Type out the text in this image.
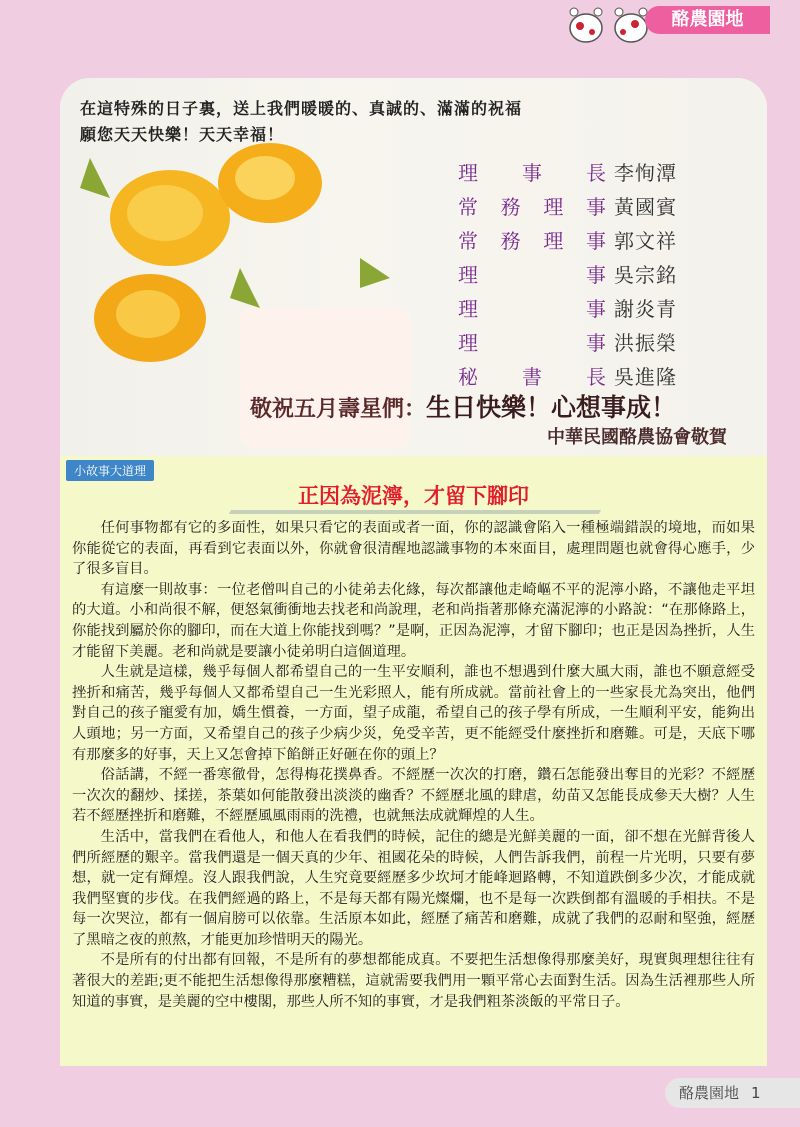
酪農園地
在這特殊的日子裏，送上我們暖暖的、真誠的、滿滿的祝福
願您天天快樂！天天幸福！
理 事 長 李恂潭
常 務 理 事 黃國賓
常 務 理 事 郭文祥
理	事 吳宗銘
理	事 謝炎青
理	事 洪振榮
秘 書 長 吳進隆
敬祝五月壽星們：生日快樂！心想事成！
中華民國酪農協會敬賀
小故事大道理
正因為泥濘，才留下腳印

任何事物都有它的多面性，如果只看它的表面或者一面，你的認識會陷入一種極端錯誤的境地，而如果你能從它的表面，再看到它表面以外，你就會很清醒地認識事物的本來面目，處理問題也就會得心應手，少了很多盲目。

有這麼一則故事：一位老僧叫自己的小徒弟去化緣，每次都讓他走崎嶇不平的泥濘小路，不讓他走平坦的大道。小和尚很不解，便怒氣衝衝地去找老和尚說理，老和尚指著那條充滿泥濘的小路說：“在那條路上，你能找到屬於你的腳印，而在大道上你能找到嗎？”是啊，正因為泥濘，才留下腳印；也正是因為挫折，人生才能留下美麗。老和尚就是要讓小徒弟明白這個道理。

人生就是這樣，幾乎每個人都希望自己的一生平安順利，誰也不想遇到什麼大風大雨，誰也不願意經受挫折和痛苦，幾乎每個人又都希望自己一生光彩照人，能有所成就。當前社會上的一些家長尤為突出，他們對自己的孩子寵愛有加，嬌生慣養，一方面，望子成龍，希望自己的孩子學有所成，一生順利平安，能夠出人頭地；另一方面，又希望自己的孩子少病少災，免受辛苦，更不能經受什麼挫折和磨難。可是，天底下哪有那麼多的好事，天上又怎會掉下餡餅正好砸在你的頭上？

俗話講，不經一番寒徹骨，怎得梅花撲鼻香。不經歷一次次的打磨，鑽石怎能發出奪目的光彩？不經歷一次次的翻炒、揉搓，茶葉如何能散發出淡淡的幽香？不經歷北風的肆虐，幼苗又怎能長成參天大樹？人生若不經歷挫折和磨難，不經歷風風雨雨的洗禮，也就無法成就輝煌的人生。

生活中，當我們在看他人，和他人在看我們的時候，記住的總是光鮮美麗的一面，卻不想在光鮮背後人們所經歷的艱辛。當我們還是一個天真的少年、祖國花朵的時候，人們告訴我們，前程一片光明，只要有夢想，就一定有輝煌。沒人跟我們說，人生究竟要經歷多少坎坷才能峰迴路轉，不知道跌倒多少次，才能成就我們堅實的步伐。在我們經過的路上，不是每天都有陽光燦爛，也不是每一次跌倒都有溫暖的手相扶。不是每一次哭泣，都有一個肩膀可以依靠。生活原本如此，經歷了痛苦和磨難，成就了我們的忍耐和堅強，經歷了黑暗之夜的煎熬，才能更加珍惜明天的陽光。

不是所有的付出都有回報，不是所有的夢想都能成真。不要把生活想像得那麼美好，現實與理想往往有著很大的差距;更不能把生活想像得那麼糟糕，這就需要我們用一顆平常心去面對生活。因為生活裡那些人所知道的事實，是美麗的空中樓閣，那些人所不知的事實，才是我們粗茶淡飯的平常日子。

酪農園地 1
